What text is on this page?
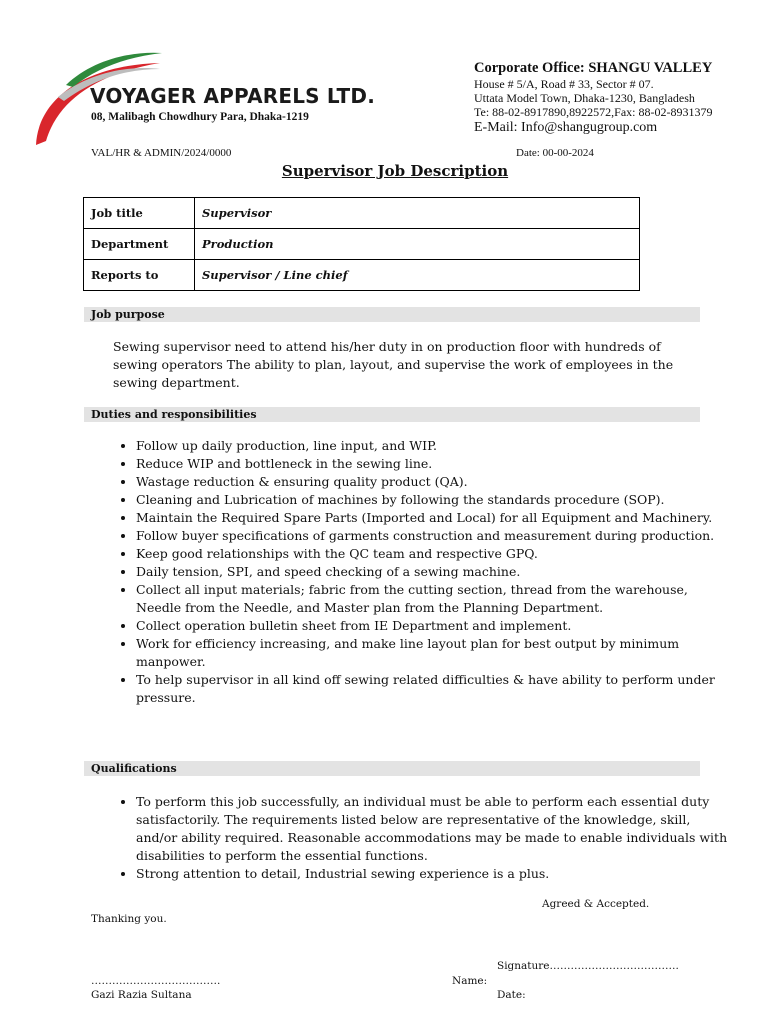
VOYAGER APPARELS LTD.
08, Malibagh Chowdhury Para, Dhaka-1219
Corporate Office: SHANGU VALLEY
House # 5/A, Road # 33, Sector # 07.
Uttata Model Town, Dhaka-1230, Bangladesh
Te: 88-02-8917890,8922572,Fax: 88-02-8931379
E-Mail: Info@shangugroup.com
VAL/HR & ADMIN/2024/0000	Date: 00-00-2024
Supervisor Job Description
Job title	Supervisor
Department	Production
Reports to	Supervisor / Line chief
Job purpose
Sewing supervisor need to attend his/her duty in on production floor with hundreds of sewing operators The ability to plan, layout, and supervise the work of employees in the sewing department.
Duties and responsibilities
• Follow up daily production, line input, and WIP.
• Reduce WIP and bottleneck in the sewing line.
• Wastage reduction & ensuring quality product (QA).
• Cleaning and Lubrication of machines by following the standards procedure (SOP).
• Maintain the Required Spare Parts (Imported and Local) for all Equipment and Machinery.
• Follow buyer specifications of garments construction and measurement during production.
• Keep good relationships with the QC team and respective GPQ.
• Daily tension, SPI, and speed checking of a sewing machine.
• Collect all input materials; fabric from the cutting section, thread from the warehouse, Needle from the Needle, and Master plan from the Planning Department.
• Collect operation bulletin sheet from IE Department and implement.
• Work for efficiency increasing, and make line layout plan for best output by minimum manpower.
• To help supervisor in all kind off sewing related difficulties & have ability to perform under pressure.
Qualifications
• To perform this job successfully, an individual must be able to perform each essential duty satisfactorily. The requirements listed below are representative of the knowledge, skill, and/or ability required. Reasonable accommodations may be made to enable individuals with disabilities to perform the essential functions.
• Strong attention to detail, Industrial sewing experience is a plus.
Agreed & Accepted.
Thanking you.
Signature……………………………….
……………………………….	Name:
Gazi Razia Sultana	Date:
